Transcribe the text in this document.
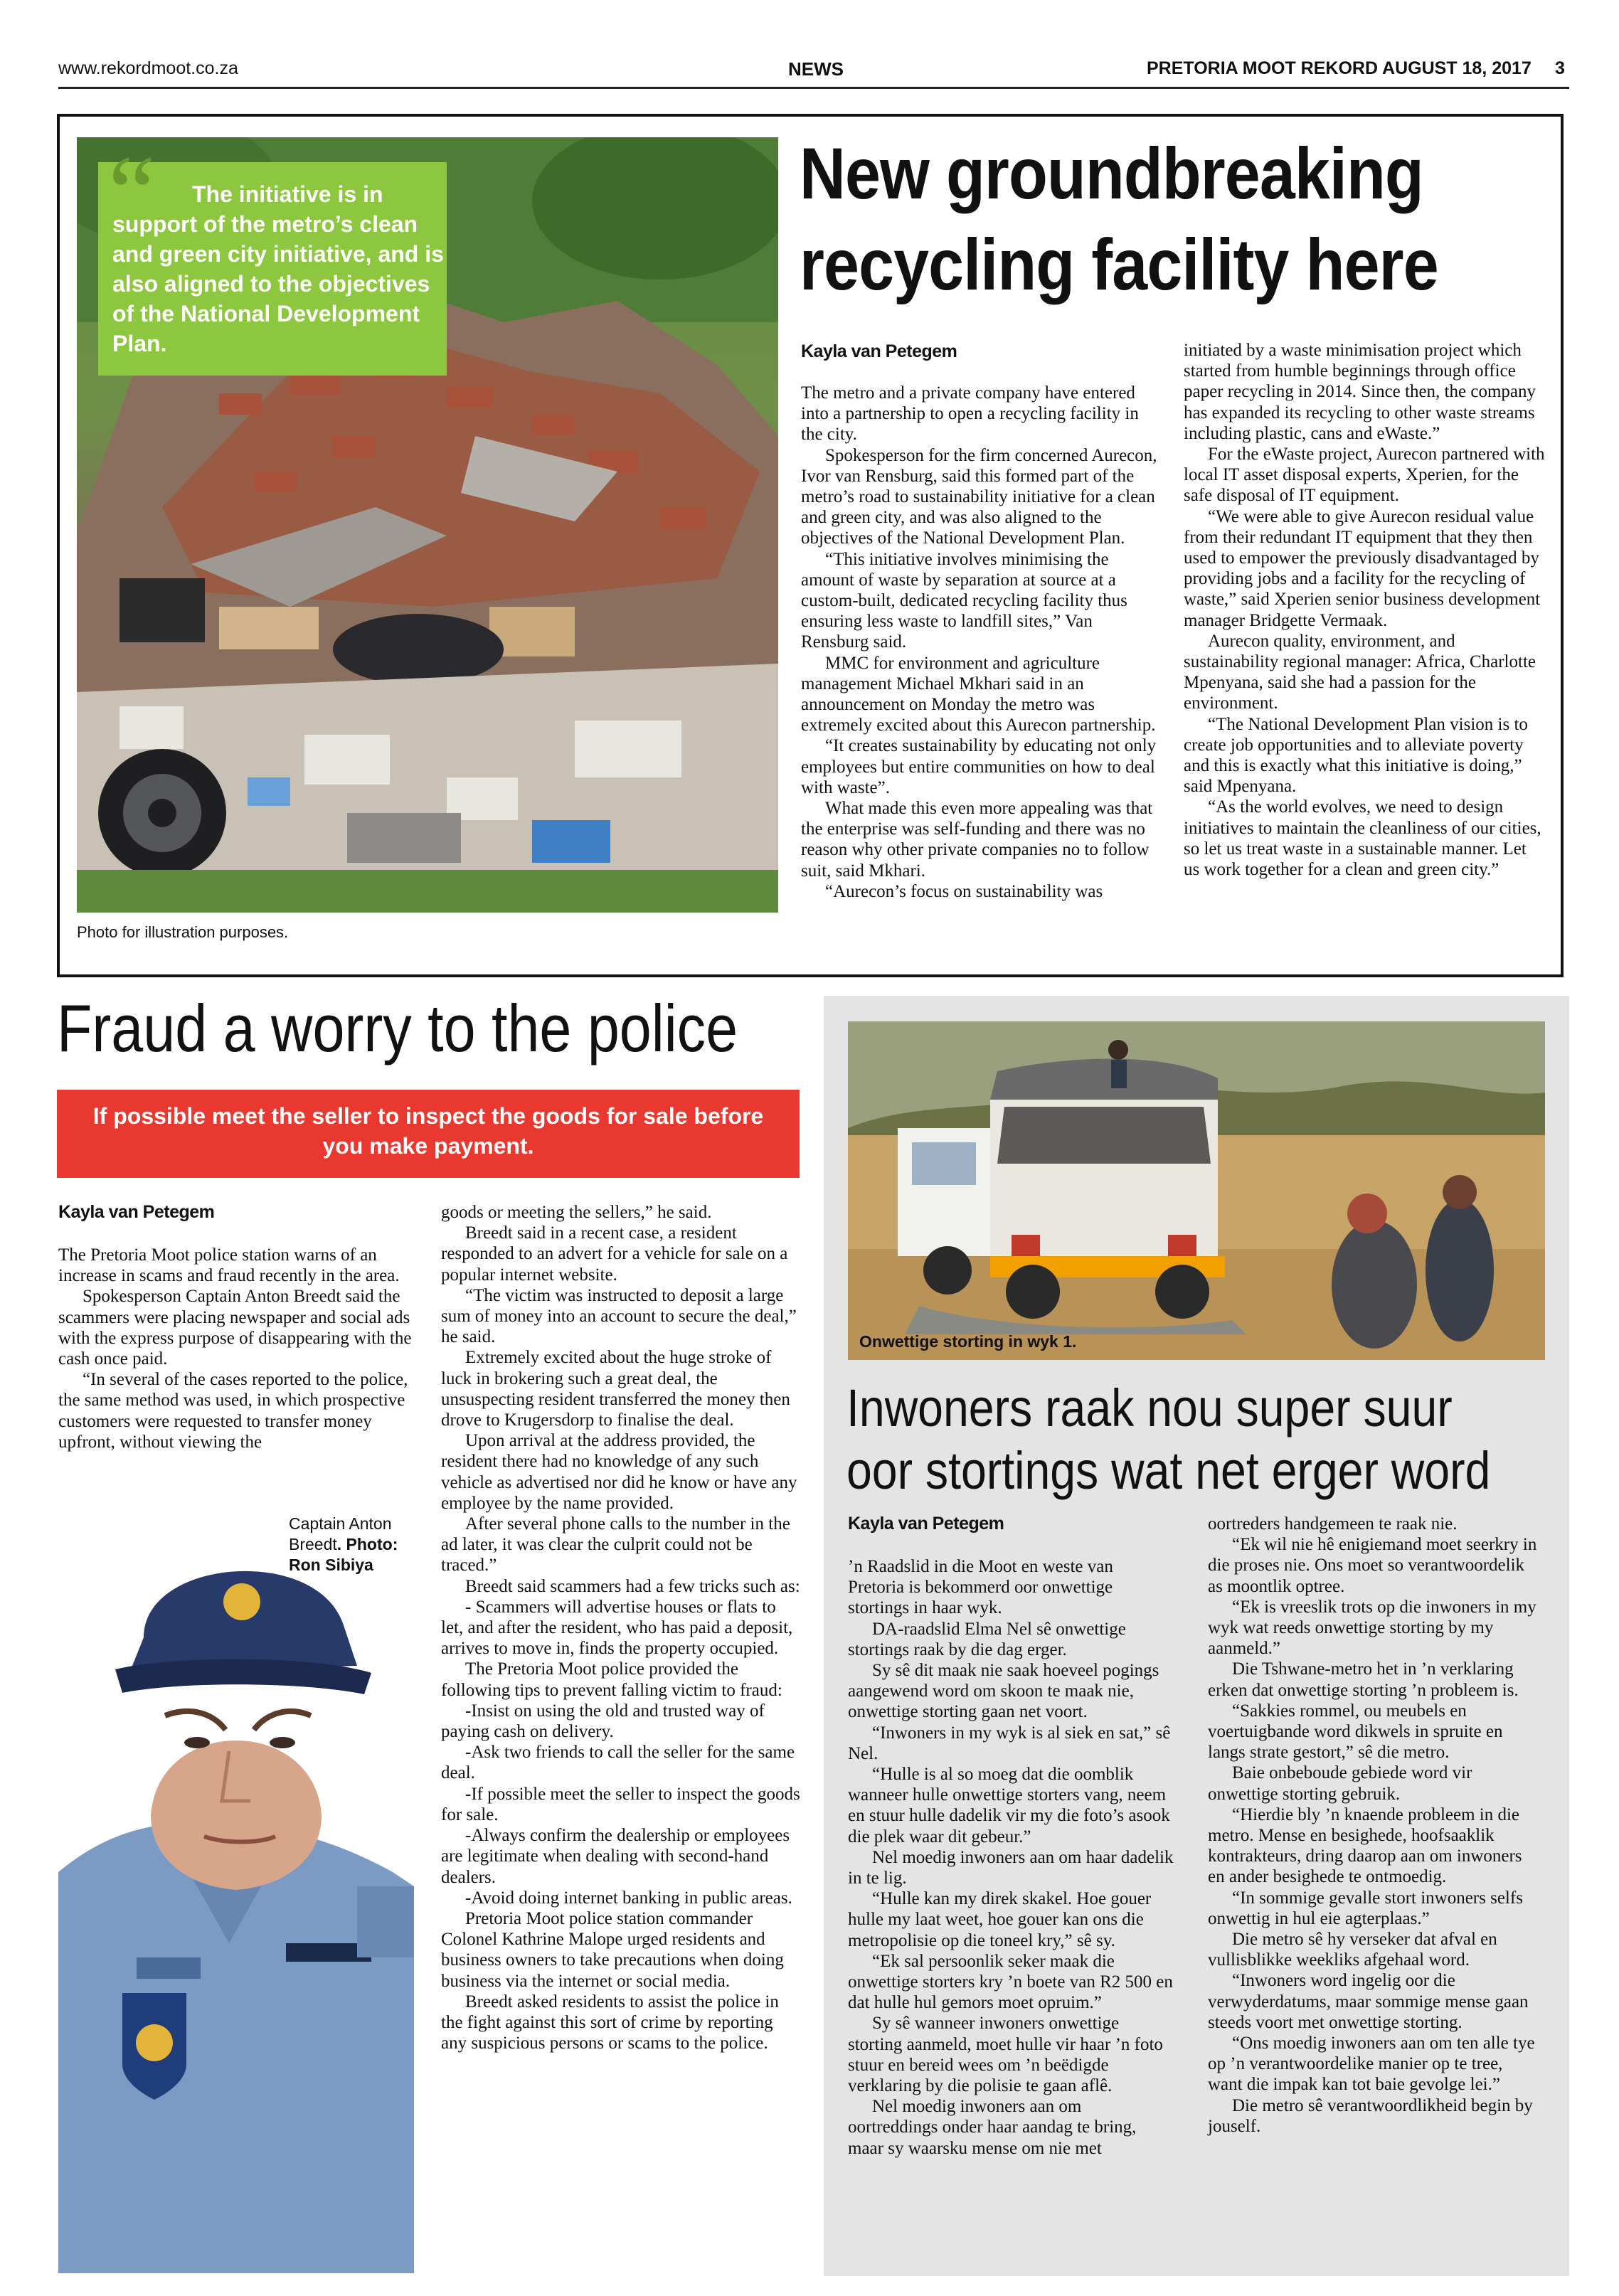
www.rekordmoot.co.za	NEWS	PRETORIA MOOT REKORD AUGUST 18, 2017 3
“	The initiative is in support of the metro’s clean and green city initiative, and is also aligned to the objectives of the National Development Plan.
Photo for illustration purposes.
New groundbreaking
recycling facility here
Kayla van Petegem

The metro and a private company have entered into a partnership to open a recycling facility in the city.

Spokesperson for the firm concerned Aurecon, Ivor van Rensburg, said this formed part of the metro’s road to sustainability initiative for a clean and green city, and was also aligned to the objectives of the National Development Plan.

“This initiative involves minimising the amount of waste by separation at source at a custom-built, dedicated recycling facility thus ensuring less waste to landfill sites,” Van Rensburg said.

MMC for environment and agriculture management Michael Mkhari said in an announcement on Monday the metro was extremely excited about this Aurecon partnership.

“It creates sustainability by educating not only employees but entire communities on how to deal with waste”.

What made this even more appealing was that the enterprise was self-funding and there was no reason why other private companies no to follow suit, said Mkhari.

“Aurecon’s focus on sustainability was

initiated by a waste minimisation project which started from humble beginnings through office paper recycling in 2014. Since then, the company has expanded its recycling to other waste streams including plastic, cans and eWaste.”

For the eWaste project, Aurecon partnered with local IT asset disposal experts, Xperien, for the safe disposal of IT equipment.

“We were able to give Aurecon residual value from their redundant IT equipment that they then used to empower the previously disadvantaged by providing jobs and a facility for the recycling of waste,” said Xperien senior business development manager Bridgette Vermaak.

Aurecon quality, environment, and sustainability regional manager: Africa, Charlotte Mpenyana, said she had a passion for the environment.

“The National Development Plan vision is to create job opportunities and to alleviate poverty and this is exactly what this initiative is doing,” said Mpenyana.

“As the world evolves, we need to design initiatives to maintain the cleanliness of our cities, so let us treat waste in a sustainable manner. Let us work together for a clean and green city.”

Fraud a worry to the police
If possible meet the seller to inspect the goods for sale before you make payment.
Kayla van Petegem

The Pretoria Moot police station warns of an increase in scams and fraud recently in the area.

Spokesperson Captain Anton Breedt said the scammers were placing newspaper and social ads with the express purpose of disappearing with the cash once paid.

“In several of the cases reported to the police, the same method was used, in which prospective customers were requested to transfer money upfront, without viewing the

Captain Anton Breedt. Photo: Ron Sibiya

goods or meeting the sellers,” he said.

Breedt said in a recent case, a resident responded to an advert for a vehicle for sale on a popular internet website.

“The victim was instructed to deposit a large sum of money into an account to secure the deal,” he said.

Extremely excited about the huge stroke of luck in brokering such a great deal, the unsuspecting resident transferred the money then drove to Krugersdorp to finalise the deal.

Upon arrival at the address provided, the resident there had no knowledge of any such vehicle as advertised nor did he know or have any employee by the name provided.

After several phone calls to the number in the ad later, it was clear the culprit could not be traced.”

Breedt said scammers had a few tricks such as:

- Scammers will advertise houses or flats to let, and after the resident, who has paid a deposit, arrives to move in, finds the property occupied.

The Pretoria Moot police provided the following tips to prevent falling victim to fraud:

-Insist on using the old and trusted way of paying cash on delivery.

-Ask two friends to call the seller for the same deal.

-If possible meet the seller to inspect the goods for sale.

-Always confirm the dealership or employees are legitimate when dealing with second-hand dealers.

-Avoid doing internet banking in public areas.

Pretoria Moot police station commander Colonel Kathrine Malope urged residents and business owners to take precautions when doing business via the internet or social media.

Breedt asked residents to assist the police in the fight against this sort of crime by reporting any suspicious persons or scams to the police.

Onwettige storting in wyk 1.
Inwoners raak nou super suur
oor stortings wat net erger word
Kayla van Petegem

’n Raadslid in die Moot en weste van Pretoria is bekommerd oor onwettige stortings in haar wyk.

DA-raadslid Elma Nel sê onwettige stortings raak by die dag erger.

Sy sê dit maak nie saak hoeveel pogings aangewend word om skoon te maak nie, onwettige storting gaan net voort.

“Inwoners in my wyk is al siek en sat,” sê Nel.

“Hulle is al so moeg dat die oomblik wanneer hulle onwettige storters vang, neem en stuur hulle dadelik vir my die foto’s asook die plek waar dit gebeur.”

Nel moedig inwoners aan om haar dadelik in te lig.

“Hulle kan my direk skakel. Hoe gouer hulle my laat weet, hoe gouer kan ons die metropolisie op die toneel kry,” sê sy.

“Ek sal persoonlik seker maak die onwettige storters kry ’n boete van R2 500 en dat hulle hul gemors moet opruim.”

Sy sê wanneer inwoners onwettige storting aanmeld, moet hulle vir haar ’n foto stuur en bereid wees om ’n beëdigde verklaring by die polisie te gaan aflê.

Nel moedig inwoners aan om oortreddings onder haar aandag te bring, maar sy waarsku mense om nie met

oortreders handgemeen te raak nie.

“Ek wil nie hê enigiemand moet seerkry in die proses nie. Ons moet so verantwoordelik as moontlik optree.

“Ek is vreeslik trots op die inwoners in my wyk wat reeds onwettige storting by my aanmeld.”

Die Tshwane-metro het in ’n verklaring erken dat onwettige storting ’n probleem is.

“Sakkies rommel, ou meubels en voertuigbande word dikwels in spruite en langs strate gestort,” sê die metro.

Baie onbeboude gebiede word vir onwettige storting gebruik.

“Hierdie bly ’n knaende probleem in die metro. Mense en besighede, hoofsaaklik kontrakteurs, dring daarop aan om inwoners en ander besighede te ontmoedig.

“In sommige gevalle stort inwoners selfs onwettig in hul eie agterplaas.”

Die metro sê hy verseker dat afval en vullisblikke weekliks afgehaal word.

“Inwoners word ingelig oor die verwyderdatums, maar sommige mense gaan steeds voort met onwettige storting.

“Ons moedig inwoners aan om ten alle tye op ’n verantwoordelike manier op te tree, want die impak kan tot baie gevolge lei.”

Die metro sê verantwoordlikheid begin by jouself.
